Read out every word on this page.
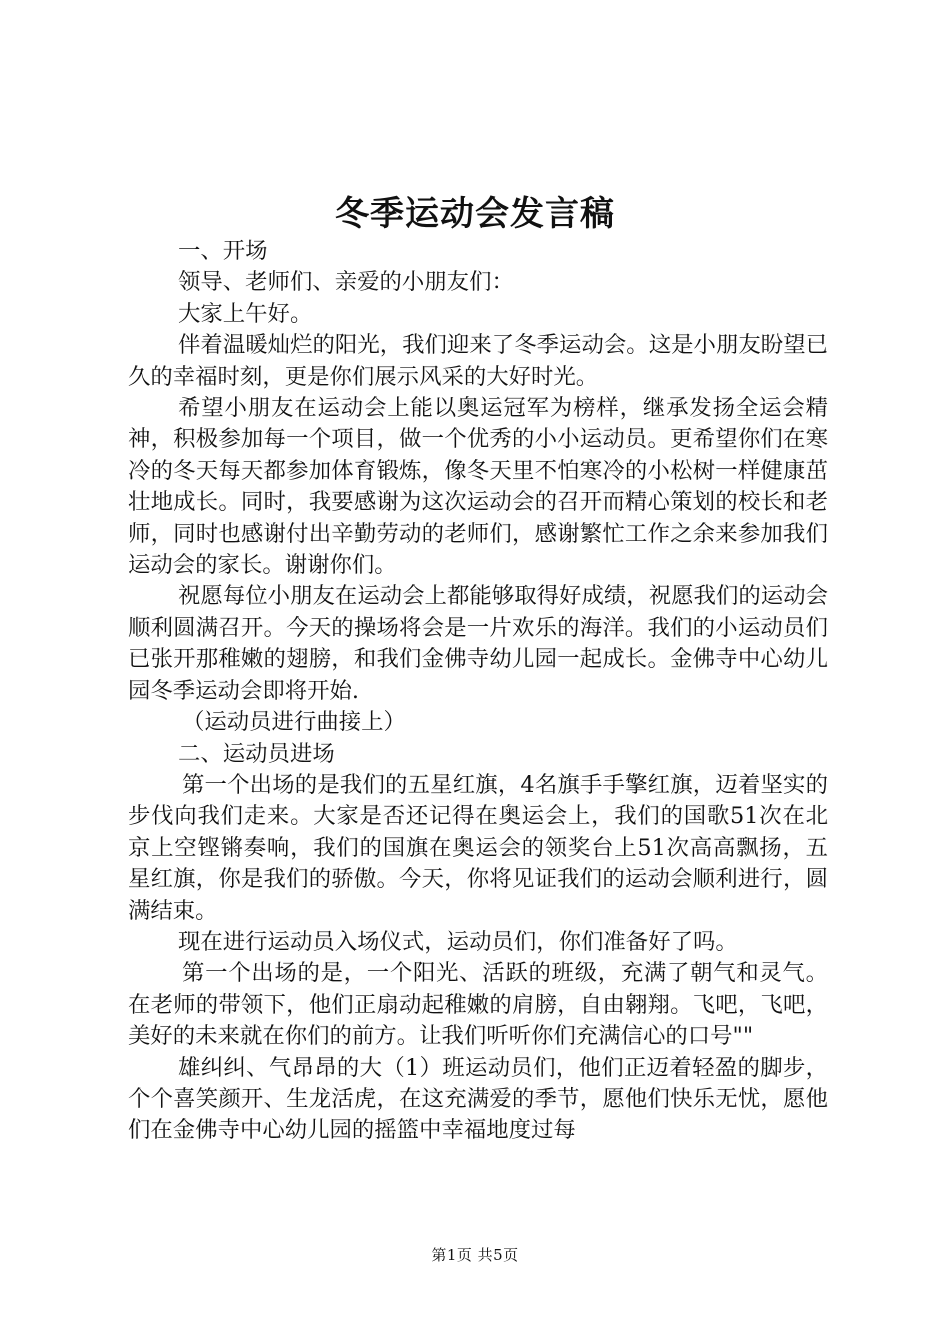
冬季运动会发言稿

一、开场

领导、老师们、亲爱的小朋友们：

大家上午好。

伴着温暖灿烂的阳光，我们迎来了冬季运动会。这是小朋友盼望已久的幸福时刻，更是你们展示风采的大好时光。

希望小朋友在运动会上能以奥运冠军为榜样，继承发扬全运会精神，积极参加每一个项目，做一个优秀的小小运动员。更希望你们在寒冷的冬天每天都参加体育锻炼，像冬天里不怕寒冷的小松树一样健康茁壮地成长。同时，我要感谢为这次运动会的召开而精心策划的校长和老师，同时也感谢付出辛勤劳动的老师们，感谢繁忙工作之余来参加我们运动会的家长。谢谢你们。

祝愿每位小朋友在运动会上都能够取得好成绩，祝愿我们的运动会顺利圆满召开。今天的操场将会是一片欢乐的海洋。我们的小运动员们已张开那稚嫩的翅膀，和我们金佛寺幼儿园一起成长。金佛寺中心幼儿园冬季运动会即将开始.

（运动员进行曲接上）

二、运动员进场

第一个出场的是我们的五星红旗，4名旗手手擎红旗，迈着坚实的步伐向我们走来。大家是否还记得在奥运会上，我们的国歌51次在北京上空铿锵奏响，我们的国旗在奥运会的领奖台上51次高高飘扬，五星红旗，你是我们的骄傲。今天，你将见证我们的运动会顺利进行，圆满结束。

现在进行运动员入场仪式，运动员们，你们准备好了吗。

第一个出场的是，一个阳光、活跃的班级，充满了朝气和灵气。在老师的带领下，他们正扇动起稚嫩的肩膀，自由翱翔。飞吧，飞吧，美好的未来就在你们的前方。让我们听听你们充满信心的口号""

雄纠纠、气昂昂的大（1）班运动员们，他们正迈着轻盈的脚步，个个喜笑颜开、生龙活虎，在这充满爱的季节，愿他们快乐无忧，愿他们在金佛寺中心幼儿园的摇篮中幸福地度过每

第1页 共5页
